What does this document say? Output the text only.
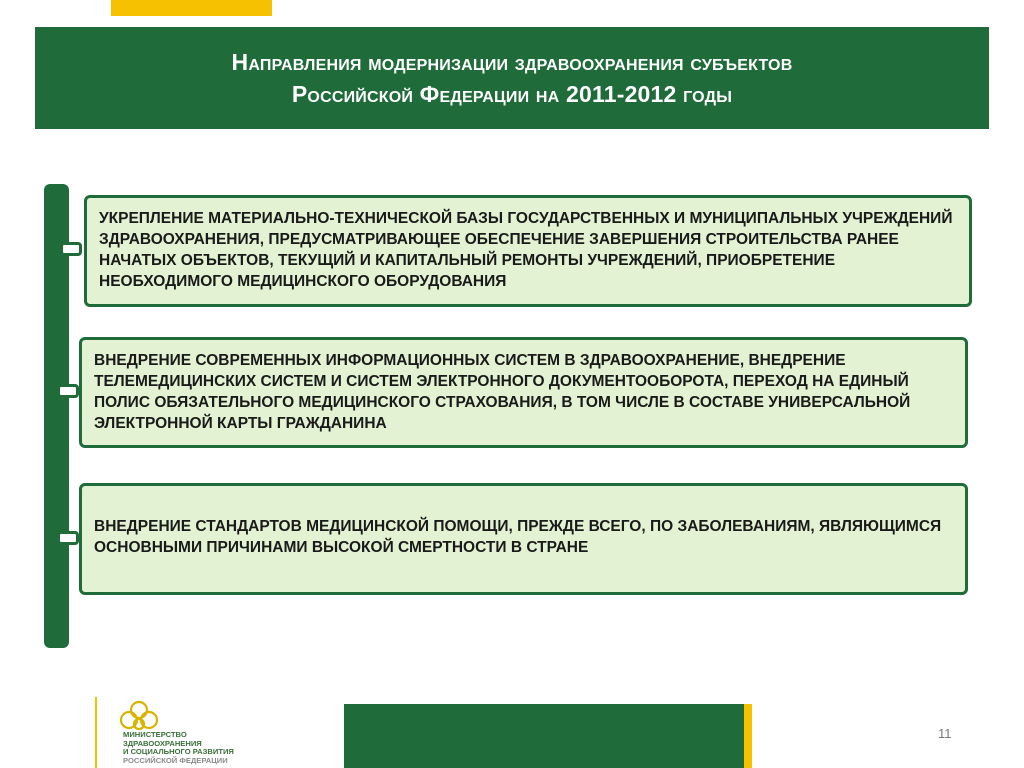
Направления модернизации здравоохранения субъектов
Российской Федерации на 2011-2012 годы
УКРЕПЛЕНИЕ МАТЕРИАЛЬНО-ТЕХНИЧЕСКОЙ БАЗЫ ГОСУДАРСТВЕННЫХ И МУНИЦИПАЛЬНЫХ УЧРЕЖДЕНИЙ ЗДРАВООХРАНЕНИЯ, ПРЕДУСМАТРИВАЮЩЕЕ ОБЕСПЕЧЕНИЕ ЗАВЕРШЕНИЯ СТРОИТЕЛЬСТВА РАНЕЕ НАЧАТЫХ ОБЪЕКТОВ, ТЕКУЩИЙ И КАПИТАЛЬНЫЙ РЕМОНТЫ УЧРЕЖДЕНИЙ, ПРИОБРЕТЕНИЕ НЕОБХОДИМОГО МЕДИЦИНСКОГО ОБОРУДОВАНИЯ
ВНЕДРЕНИЕ СОВРЕМЕННЫХ ИНФОРМАЦИОННЫХ СИСТЕМ В ЗДРАВООХРАНЕНИЕ, ВНЕДРЕНИЕ ТЕЛЕМЕДИЦИНСКИХ СИСТЕМ И СИСТЕМ ЭЛЕКТРОННОГО ДОКУМЕНТООБОРОТА, ПЕРЕХОД НА ЕДИНЫЙ ПОЛИС ОБЯЗАТЕЛЬНОГО МЕДИЦИНСКОГО СТРАХОВАНИЯ, В ТОМ ЧИСЛЕ В СОСТАВЕ УНИВЕРСАЛЬНОЙ ЭЛЕКТРОННОЙ КАРТЫ ГРАЖДАНИНА
ВНЕДРЕНИЕ СТАНДАРТОВ МЕДИЦИНСКОЙ ПОМОЩИ, ПРЕЖДЕ ВСЕГО, ПО ЗАБОЛЕВАНИЯМ, ЯВЛЯЮЩИМСЯ ОСНОВНЫМИ ПРИЧИНАМИ ВЫСОКОЙ СМЕРТНОСТИ В СТРАНЕ
МИНИСТЕРСТВО
ЗДРАВООХРАНЕНИЯ
И СОЦИАЛЬНОГО РАЗВИТИЯ
РОССИЙСКОЙ ФЕДЕРАЦИИ
11
